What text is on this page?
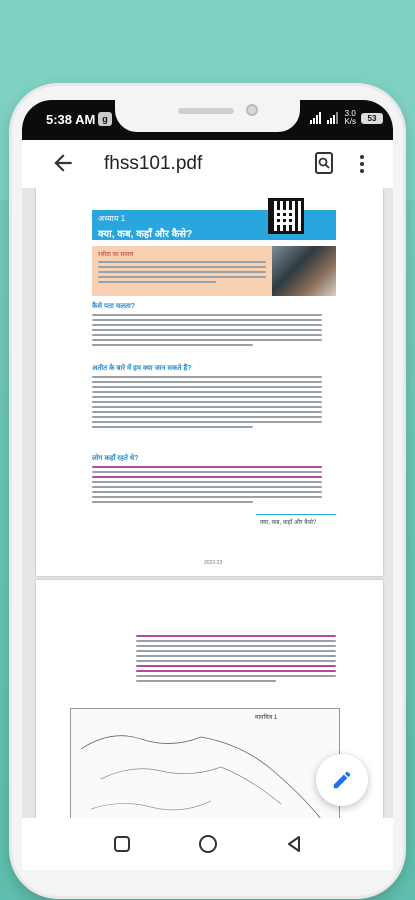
5:38 AM g
3.0
K/s	53
fhss101.pdf
अध्याय 1
क्या, कब, कहाँ और कैसे?
रशीदा का सवाल
कैसे पता चलता?
अतीत के बारे में हम क्या जान सकते हैं?
लोग कहाँ रहते थे?
क्या, कब, कहाँ और कैसे?
2022-23
मानचित्र 1
